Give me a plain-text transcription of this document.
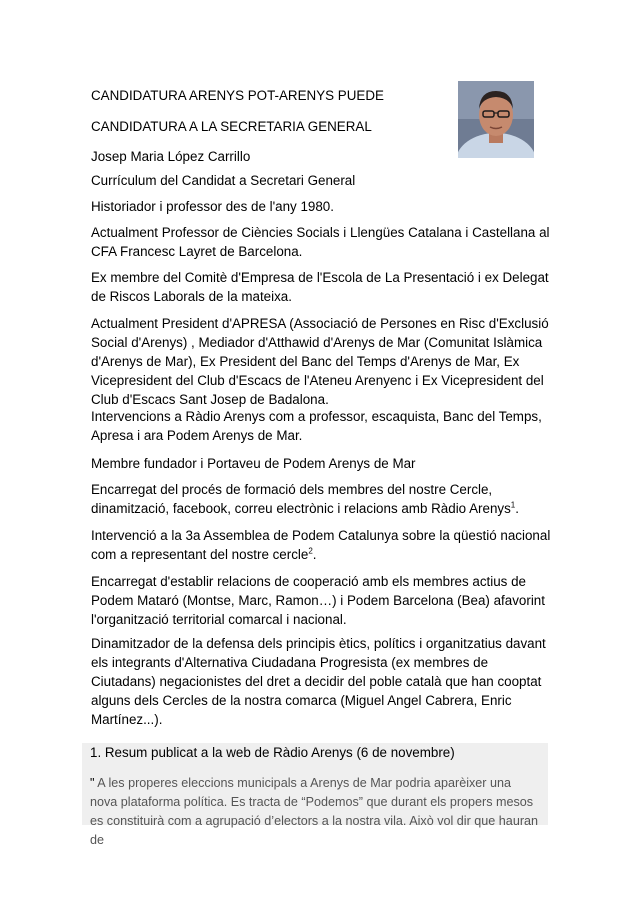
CANDIDATURA ARENYS POT-ARENYS PUEDE
CANDIDATURA A LA SECRETARIA GENERAL
Josep Maria López Carrillo
Currículum del Candidat a Secretari General
Historiador i professor des de l'any 1980.
Actualment Professor de Ciències Socials i Llengües Catalana i Castellana al CFA Francesc Layret de Barcelona.
Ex membre del Comitè d'Empresa de l'Escola de La Presentació i ex Delegat de Riscos Laborals de la mateixa.
Actualment President d'APRESA (Associació de Persones en Risc d'Exclusió Social d'Arenys) , Mediador d'Atthawid d'Arenys de Mar (Comunitat Islàmica d'Arenys de Mar), Ex President del Banc del Temps d'Arenys de Mar, Ex Vicepresident del Club d'Escacs de l'Ateneu Arenyenc i Ex Vicepresident del Club d'Escacs Sant Josep de Badalona.
Intervencions a Ràdio Arenys com a professor, escaquista, Banc del Temps, Apresa i ara Podem Arenys de Mar.
Membre fundador i Portaveu de Podem Arenys de Mar
Encarregat del procés de formació dels membres del nostre Cercle, dinamització, facebook, correu electrònic i relacions amb Ràdio Arenys$^1$.
Intervenció a la 3a Assemblea de Podem Catalunya sobre la qüestió nacional com a representant del nostre cercle$^2$.
Encarregat d'establir relacions de cooperació amb els membres actius de Podem Mataró (Montse, Marc, Ramon…) i Podem Barcelona (Bea) afavorint l'organització territorial comarcal i nacional.
Dinamitzador de la defensa dels principis ètics, polítics i organitzatius davant els integrants d'Alternativa Ciudadana Progresista (ex membres de Ciutadans) negacionistes del dret a decidir del poble català que han cooptat alguns dels Cercles de la nostra comarca (Miguel Angel Cabrera, Enric Martínez...).
1. Resum publicat a la web de Ràdio Arenys (6 de novembre)
" A les properes eleccions municipals a Arenys de Mar podria aparèixer una nova plataforma política. Es tracta de “Podemos” que durant els propers mesos es constituirà com a agrupació d’electors a la nostra vila. Això vol dir que hauran de
